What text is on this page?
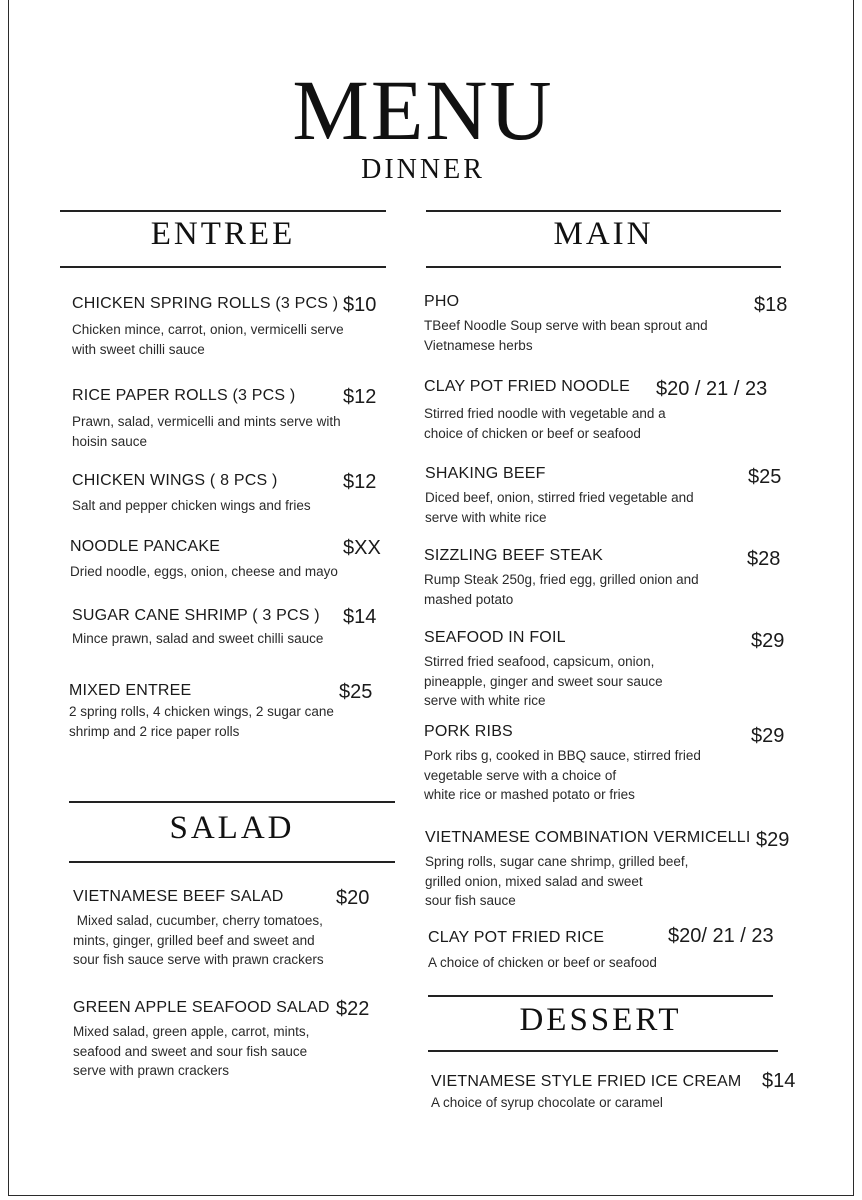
MENU
DINNER
ENTREE
CHICKEN SPRING ROLLS (3 PCS ) $10
Chicken mince, carrot, onion, vermicelli serve
with sweet chilli sauce
RICE PAPER ROLLS (3 PCS ) $12
Prawn, salad, vermicelli and mints serve with
hoisin sauce
CHICKEN WINGS ( 8 PCS )	$12
Salt and pepper chicken wings and fries
NOODLE PANCAKE	$XX
Dried noodle, eggs, onion, cheese and mayo
SUGAR CANE SHRIMP ( 3 PCS ) $14
Mince prawn, salad and sweet chilli sauce
MIXED ENTREE	$25
2 spring rolls, 4 chicken wings, 2 sugar cane
shrimp and 2 rice paper rolls
SALAD
VIETNAMESE BEEF SALAD	$20
Mixed salad, cucumber, cherry tomatoes,
mints, ginger, grilled beef and sweet and
sour fish sauce serve with prawn crackers
GREEN APPLE SEAFOOD SALAD $22
Mixed salad, green apple, carrot, mints,
seafood and sweet and sour fish sauce
serve with prawn crackers
MAIN
PHO	$18
TBeef Noodle Soup serve with bean sprout and
Vietnamese herbs
CLAY POT FRIED NOODLE $20 / 21 / 23
Stirred fried noodle with vegetable and a
choice of chicken or beef or seafood
SHAKING BEEF	$25
Diced beef, onion, stirred fried vegetable and
serve with white rice
SIZZLING BEEF STEAK	$28
Rump Steak 250g, fried egg, grilled onion and
mashed potato
SEAFOOD IN FOIL	$29
Stirred fried seafood, capsicum, onion,
pineapple, ginger and sweet sour sauce
serve with white rice
PORK RIBS	$29
Pork ribs g, cooked in BBQ sauce, stirred fried
vegetable serve with a choice of
white rice or mashed potato or fries
VIETNAMESE COMBINATION VERMICELLI $29
Spring rolls, sugar cane shrimp, grilled beef,
grilled onion, mixed salad and sweet
sour fish sauce
CLAY POT FRIED RICE	$20/ 21 / 23
A choice of chicken or beef or seafood
DESSERT
VIETNAMESE STYLE FRIED ICE CREAM $14
A choice of syrup chocolate or caramel
